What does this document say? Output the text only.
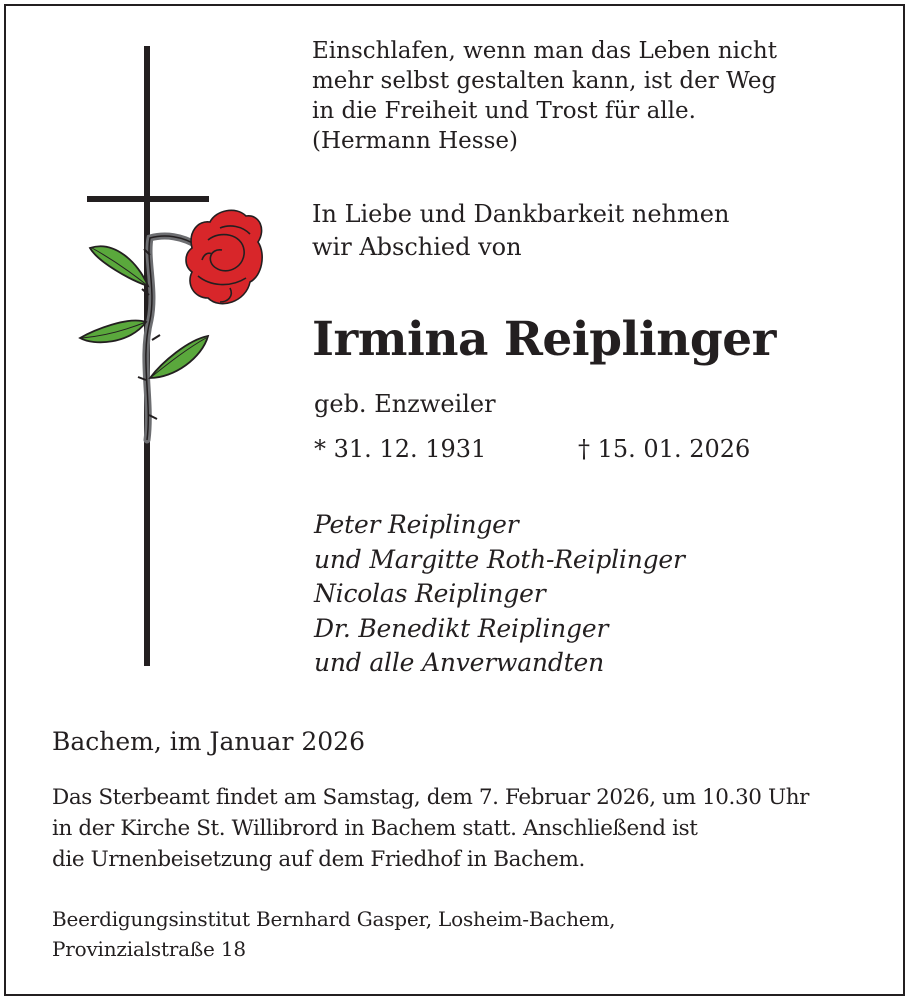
Einschlafen, wenn man das Leben nicht
mehr selbst gestalten kann, ist der Weg
in die Freiheit und Trost für alle.
(Hermann Hesse)

In Liebe und Dankbarkeit nehmen
wir Abschied von

Irmina Reiplinger

geb. Enzweiler

* 31. 12. 1931	† 15. 01. 2026

Peter Reiplinger
und Margitte Roth-Reiplinger
Nicolas Reiplinger
Dr. Benedikt Reiplinger
und alle Anverwandten

Bachem, im Januar 2026

Das Sterbeamt findet am Samstag, dem 7. Februar 2026, um 10.30 Uhr
in der Kirche St. Willibrord in Bachem statt. Anschließend ist
die Urnenbeisetzung auf dem Friedhof in Bachem.

Beerdigungsinstitut Bernhard Gasper, Losheim-Bachem,
Provinzialstraße 18
